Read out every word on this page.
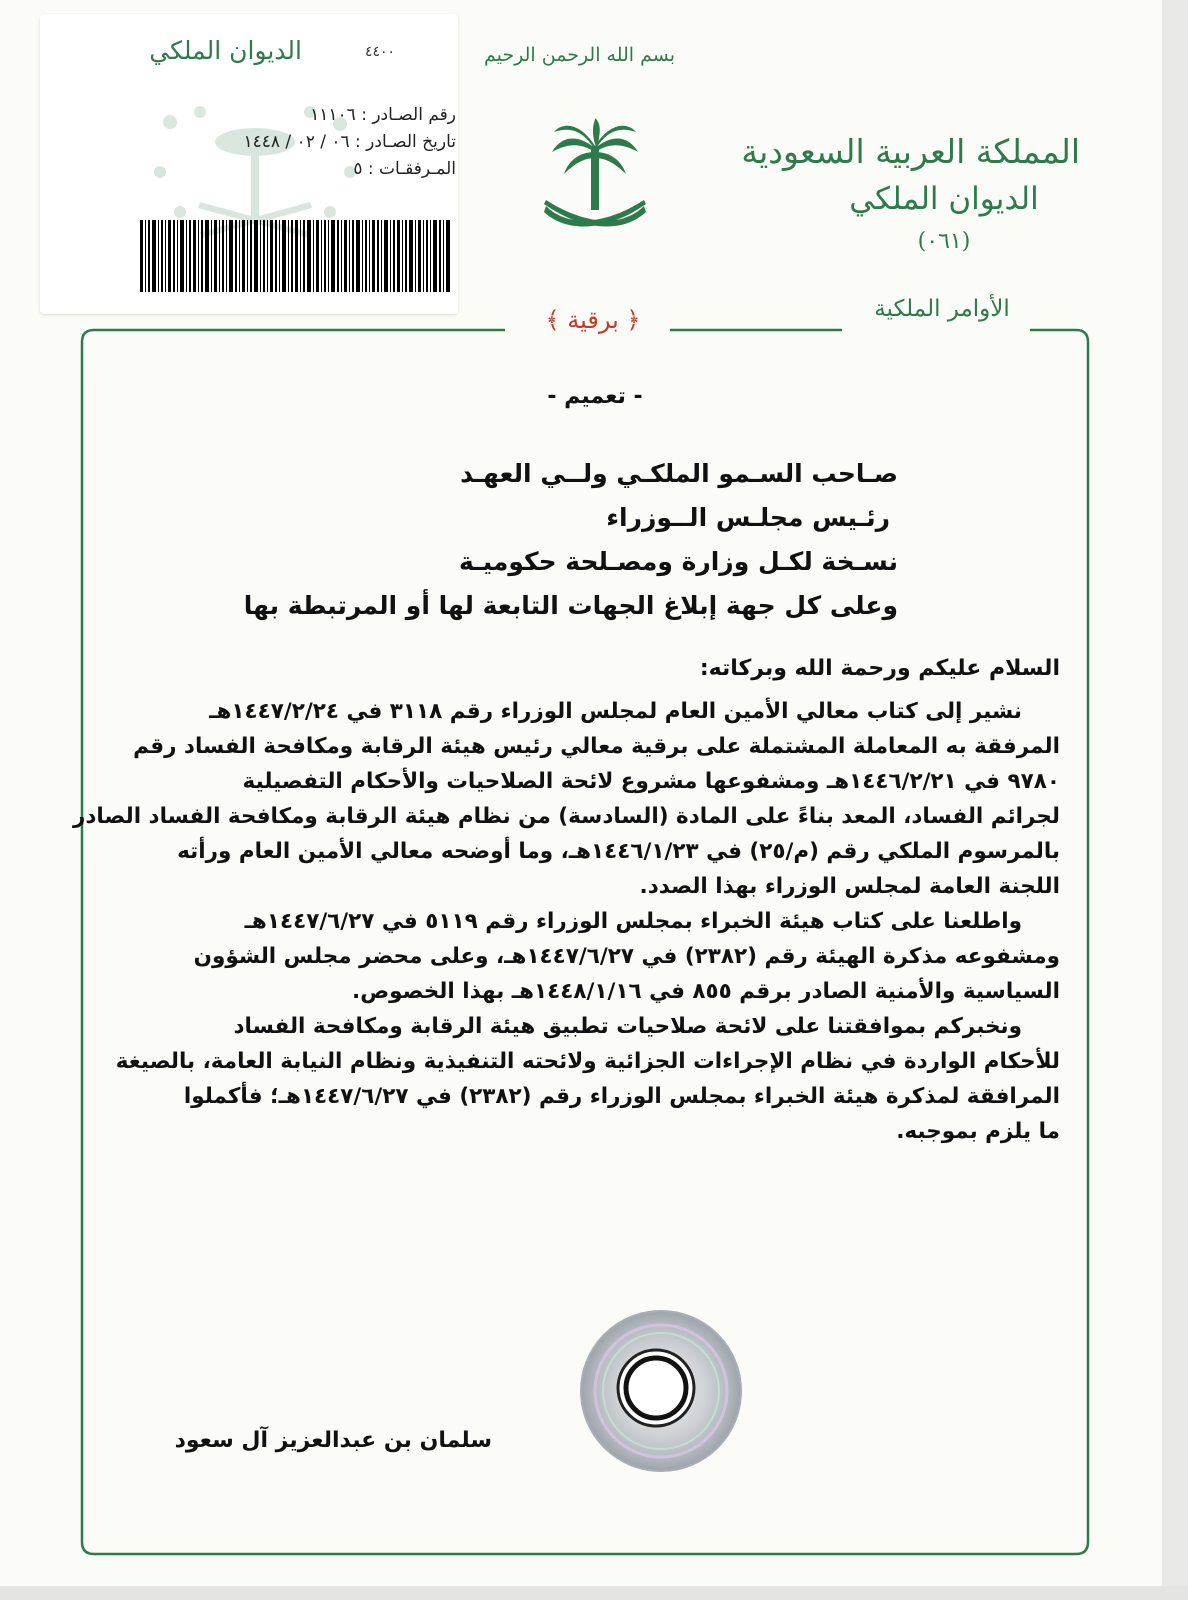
الديوان الملكي	٤٤٠٠
رقم الصـادر : ١١١٠٦
تاريخ الصـادر : ٠٦ / ٠٢ / ١٤٤٨
المـرفقـات : ٥
بسم الله الرحمن الرحيم
المملكة العربية السعودية
الديوان الملكي
(٠٦١)
الأوامر الملكية
﴿ برقية ﴾
- تعميم -
صـاحب السـمو الملكـي ولــي العهـد
رئـيس مجلـس الــوزراء
نسـخة لكـل وزارة ومصـلحة حكوميـة
وعلى كل جهة إبلاغ الجهات التابعة لها أو المرتبطة بها
السلام عليكم ورحمة الله وبركاته:
نشير إلى كتاب معالي الأمين العام لمجلس الوزراء رقم ٣١١٨ في ١٤٤٧/٢/٢٤هـ
المرفقة به المعاملة المشتملة على برقية معالي رئيس هيئة الرقابة ومكافحة الفساد رقم
٩٧٨٠ في ١٤٤٦/٢/٢١هـ ومشفوعها مشروع لائحة الصلاحيات والأحكام التفصيلية
لجرائم الفساد، المعد بناءً على المادة (السادسة) من نظام هيئة الرقابة ومكافحة الفساد الصادر
بالمرسوم الملكي رقم (م/٢٥) في ١٤٤٦/١/٢٣هـ، وما أوضحه معالي الأمين العام ورأته
اللجنة العامة لمجلس الوزراء بهذا الصدد.
واطلعنا على كتاب هيئة الخبراء بمجلس الوزراء رقم ٥١١٩ في ١٤٤٧/٦/٢٧هـ
ومشفوعه مذكرة الهيئة رقم (٢٣٨٢) في ١٤٤٧/٦/٢٧هـ، وعلى محضر مجلس الشؤون
السياسية والأمنية الصادر برقم ٨٥٥ في ١٤٤٨/١/١٦هـ بهذا الخصوص.
ونخبركم بموافقتنا على لائحة صلاحيات تطبيق هيئة الرقابة ومكافحة الفساد
للأحكام الواردة في نظام الإجراءات الجزائية ولائحته التنفيذية ونظام النيابة العامة، بالصيغة
المرافقة لمذكرة هيئة الخبراء بمجلس الوزراء رقم (٢٣٨٢) في ١٤٤٧/٦/٢٧هـ؛ فأكملوا
ما يلزم بموجبه.
سلمان بن عبدالعزيز آل سعود
